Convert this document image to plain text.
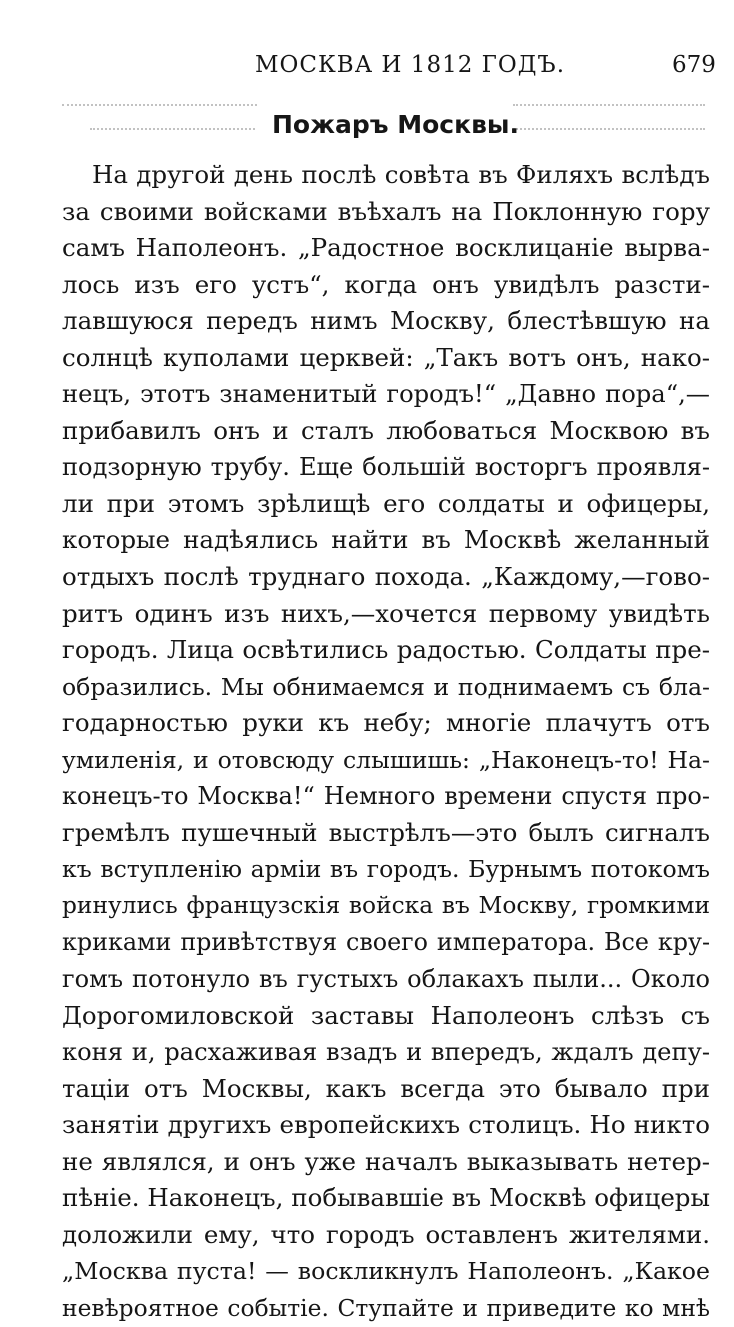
МОСКВА И 1812 ГОДЪ.	679
Пожаръ Москвы.
На другой день послѣ совѣта въ Филяхъ вслѣдъ
за своими войсками въѣхалъ на Поклонную гору
самъ Наполеонъ. „Радостное восклицаніе вырва-
лось изъ его устъ“, когда онъ увидѣлъ разсти-
лавшуюся передъ нимъ Москву, блестѣвшую на
солнцѣ куполами церквей: „Такъ вотъ онъ, нако-
нецъ, этотъ знаменитый городъ!“ „Давно пора“,—
прибавилъ онъ и сталъ любоваться Москвою въ
подзорную трубу. Еще большій восторгъ проявля-
ли при этомъ зрѣлищѣ его солдаты и офицеры,
которые надѣялись найти въ Москвѣ желанный
отдыхъ послѣ труднаго похода. „Каждому,—гово-
ритъ одинъ изъ нихъ,—хочется первому увидѣть
городъ. Лица освѣтились радостью. Солдаты пре-
образились. Мы обнимаемся и поднимаемъ съ бла-
годарностью руки къ небу; многіе плачутъ отъ
умиленія, и отовсюду слышишь: „Наконецъ-то! На-
конецъ-то Москва!“ Немного времени спустя про-
гремѣлъ пушечный выстрѣлъ—это былъ сигналъ
къ вступленію арміи въ городъ. Бурнымъ потокомъ
ринулись французскія войска въ Москву, громкими
криками привѣтствуя своего императора. Все кру-
гомъ потонуло въ густыхъ облакахъ пыли... Около
Дорогомиловской заставы Наполеонъ слѣзъ съ
коня и, расхаживая взадъ и впередъ, ждалъ депу-
таціи отъ Москвы, какъ всегда это бывало при
занятіи другихъ европейскихъ столицъ. Но никто
не являлся, и онъ уже началъ выказывать нетер-
пѣніе. Наконецъ, побывавшіе въ Москвѣ офицеры
доложили ему, что городъ оставленъ жителями.
„Москва пуста! — воскликнулъ Наполеонъ. „Какое
невѣроятное событіе. Ступайте и приведите ко мнѣ
